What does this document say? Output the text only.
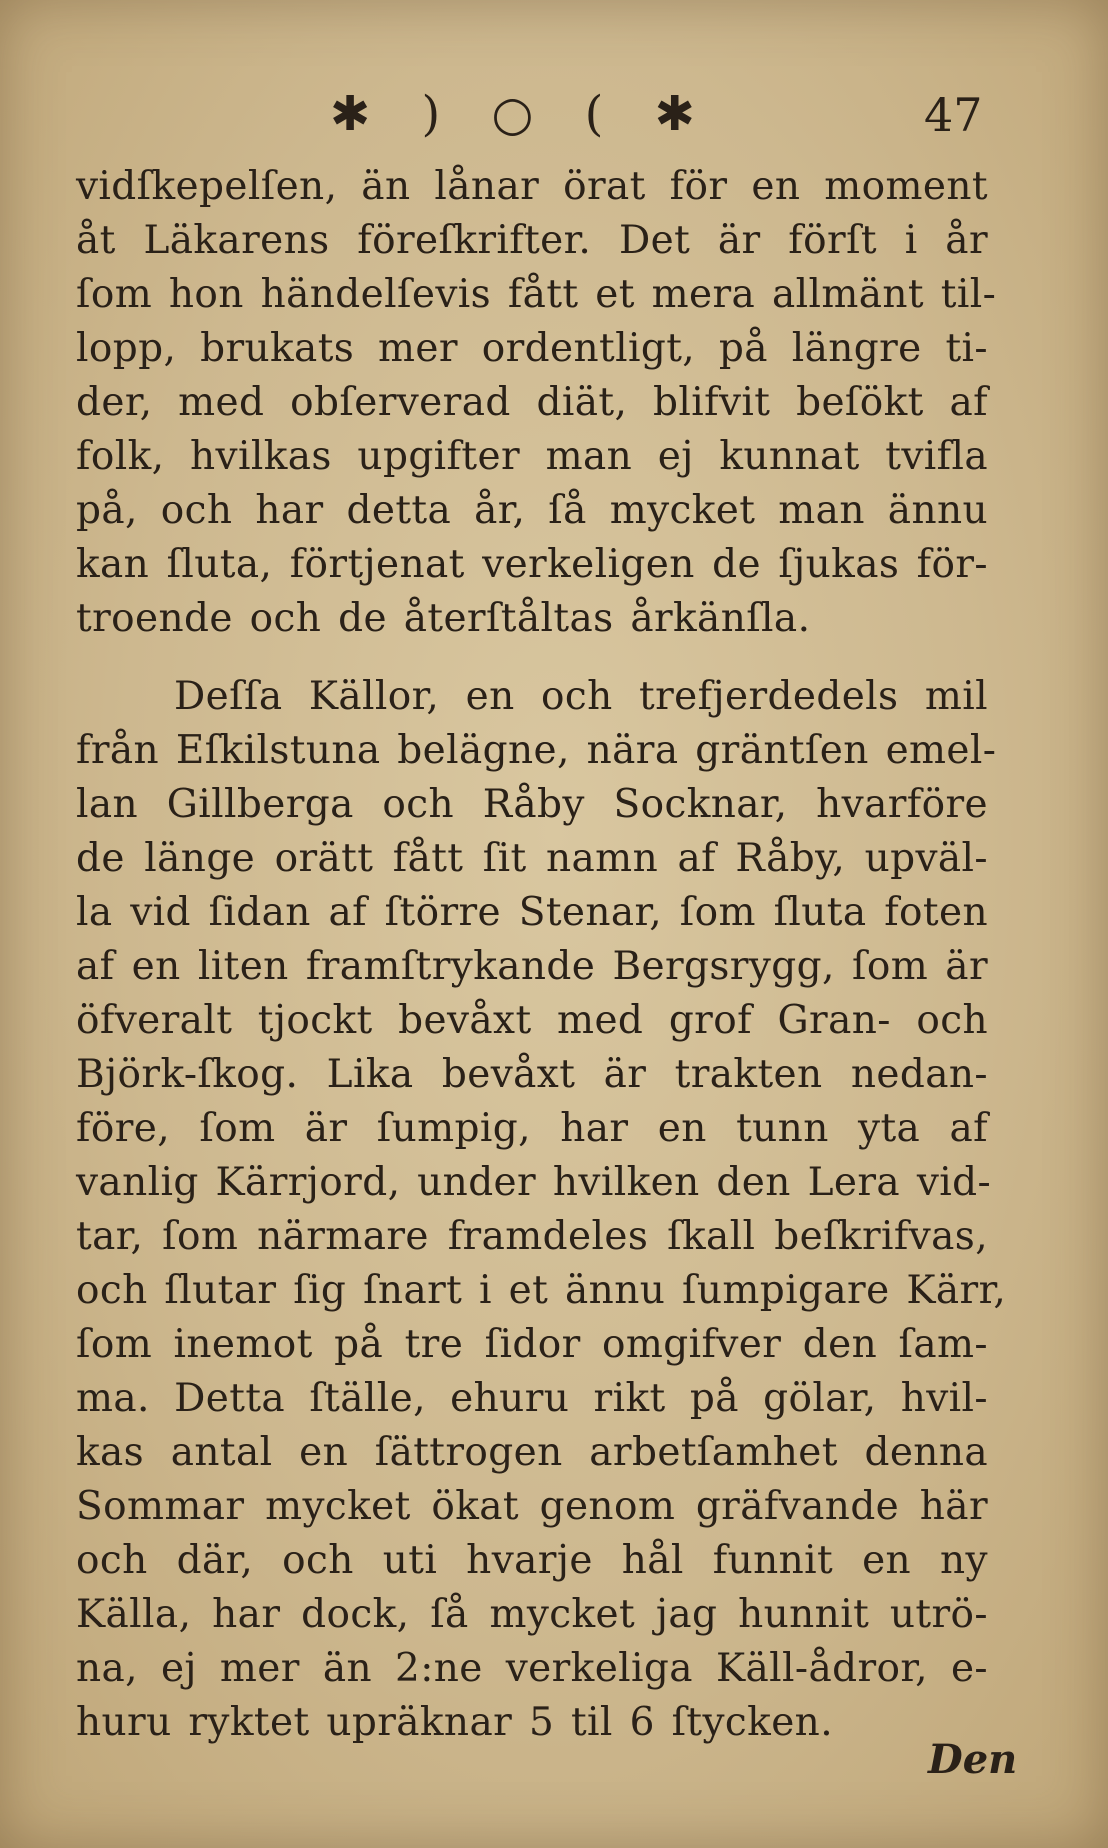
✱ ) ○ ( ✱	47
vidſkepelſen, än lånar örat för en moment
åt Läkarens föreſkrifter. Det är förſt i år
ſom hon händelſevis fått et mera allmänt til-
lopp, brukats mer ordentligt, på längre ti-
der, med obſerverad diät, blifvit beſökt af
folk, hvilkas upgifter man ej kunnat tvifla
på, och har detta år, ſå mycket man ännu
kan ſluta, förtjenat verkeligen de ſjukas för-
troende och de återſtåltas årkänſla.
Deſſa Källor, en och trefjerdedels mil
från Eſkilstuna belägne, nära gräntſen emel-
lan Gillberga och Råby Socknar, hvarföre
de länge orätt fått ſit namn af Råby, upväl-
la vid ſidan af ſtörre Stenar, ſom ſluta foten
af en liten framſtrykande Bergsrygg, ſom är
öfveralt tjockt bevåxt med grof Gran- och
Björk-ſkog. Lika bevåxt är trakten nedan-
före, ſom är ſumpig, har en tunn yta af
vanlig Kärrjord, under hvilken den Lera vid-
tar, ſom närmare framdeles ſkall beſkrifvas,
och ſlutar ſig ſnart i et ännu ſumpigare Kärr,
ſom inemot på tre ſidor omgifver den ſam-
ma. Detta ſtälle, ehuru rikt på gölar, hvil-
kas antal en ſättrogen arbetſamhet denna
Sommar mycket ökat genom gräfvande här
och där, och uti hvarje hål funnit en ny
Källa, har dock, ſå mycket jag hunnit utrö-
na, ej mer än 2:ne verkeliga Käll-ådror, e-
huru ryktet upräknar 5 til 6 ſtycken.
Den
